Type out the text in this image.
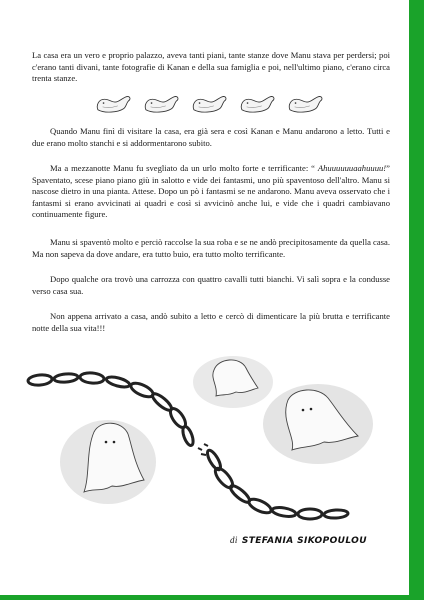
La casa era un vero e proprio palazzo, aveva tanti piani, tante stanze dove Manu stava per perdersi; poi c'erano tanti divani, tante fotografie di Kanan e della sua famiglia e poi, nell'ultimo piano, c'erano circa trenta stanze.

Quando Manu finì di visitare la casa, era già sera e così Kanan e Manu andarono a letto. Tutti e due erano molto stanchi e si addormentarono subito.

Ma a mezzanotte Manu fu svegliato da un urlo molto forte e terrificante: “ Ahuuuuuuaahuuuu!” Spaventato, scese piano piano giù in salotto e vide dei fantasmi, uno più spaventoso dell'altro. Manu si nascose dietro in una pianta. Attese. Dopo un pò i fantasmi se ne andarono. Manu aveva osservato che i fantasmi si erano avvicinati ai quadri e così si avvicinò anche lui, e vide che i quadri cambiavano continuamente figure.

Manu si spaventò molto e perciò raccolse la sua roba e se ne andò precipitosamente da quella casa. Ma non sapeva da dove andare, era tutto buio, era tutto molto terrificante.

Dopo qualche ora trovò una carrozza con quattro cavalli tutti bianchi. Vi salì sopra e la condusse verso casa sua.

Non appena arrivato a casa, andò subito a letto e cercò di dimenticare la più brutta e terrificante notte della sua vita!!!

di STEFANIA SIKOPOULOU
